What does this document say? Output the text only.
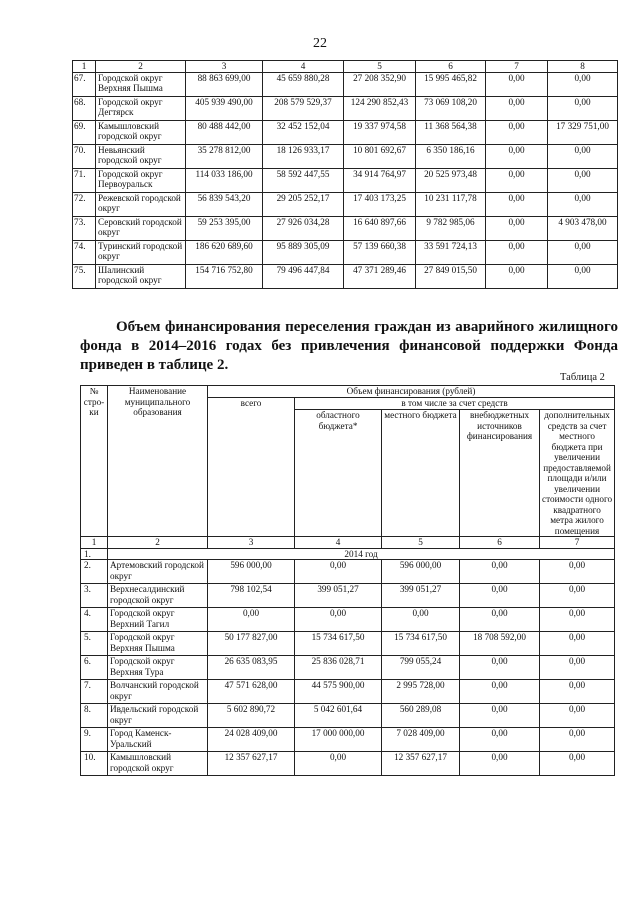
22
1	2	3	4	5	6	7	8
67.	Городской округ Верхняя Пышма	88 863 699,00	45 659 880,28	27 208 352,90	15 995 465,82	0,00	0,00
68.	Городской округ Дегтярск	405 939 490,00	208 579 529,37	124 290 852,43	73 069 108,20	0,00	0,00
69.	Камышловский городской округ	80 488 442,00	32 452 152,04	19 337 974,58	11 368 564,38	0,00	17 329 751,00
70.	Невьянский городской округ	35 278 812,00	18 126 933,17	10 801 692,67	6 350 186,16	0,00	0,00
71.	Городской округ Первоуральск	114 033 186,00	58 592 447,55	34 914 764,97	20 525 973,48	0,00	0,00
72.	Режевской городской округ	56 839 543,20	29 205 252,17	17 403 173,25	10 231 117,78	0,00	0,00
73.	Серовский городской округ	59 253 395,00	27 926 034,28	16 640 897,66	9 782 985,06	0,00	4 903 478,00
74.	Туринский городской округ	186 620 689,60	95 889 305,09	57 139 660,38	33 591 724,13	0,00	0,00
75.	Шалинский городской округ	154 716 752,80	79 496 447,84	47 371 289,46	27 849 015,50	0,00	0,00

Объем финансирования переселения граждан из аварийного жилищного фонда в 2014–2016 годах без привлечения финансовой поддержки Фонда приведен в таблице 2.

Таблица 2
№ стро-ки	Наименование муниципального образования	Объем финансирования (рублей)				
		всего	в том числе за счет средств			
			областного бюджета*	местного бюджета	внебюджетных источников финансирования	дополнительных средств за счет местного бюджета при увеличении предоставляемой площади и/или увеличении стоимости одного квадратного метра жилого помещения
1	2	3	4	5	6	7
1.	2014 год					
2.	Артемовский городской округ	596 000,00	0,00	596 000,00	0,00	0,00
3.	Верхнесалдинский городской округ	798 102,54	399 051,27	399 051,27	0,00	0,00
4.	Городской округ Верхний Тагил	0,00	0,00	0,00	0,00	0,00
5.	Городской округ Верхняя Пышма	50 177 827,00	15 734 617,50	15 734 617,50	18 708 592,00	0,00
6.	Городской округ Верхняя Тура	26 635 083,95	25 836 028,71	799 055,24	0,00	0,00
7.	Волчанский городской округ	47 571 628,00	44 575 900,00	2 995 728,00	0,00	0,00
8.	Ивдельский городской округ	5 602 890,72	5 042 601,64	560 289,08	0,00	0,00
9.	Город Каменск-Уральский	24 028 409,00	17 000 000,00	7 028 409,00	0,00	0,00
10.	Камышловский городской округ	12 357 627,17	0,00	12 357 627,17	0,00	0,00
